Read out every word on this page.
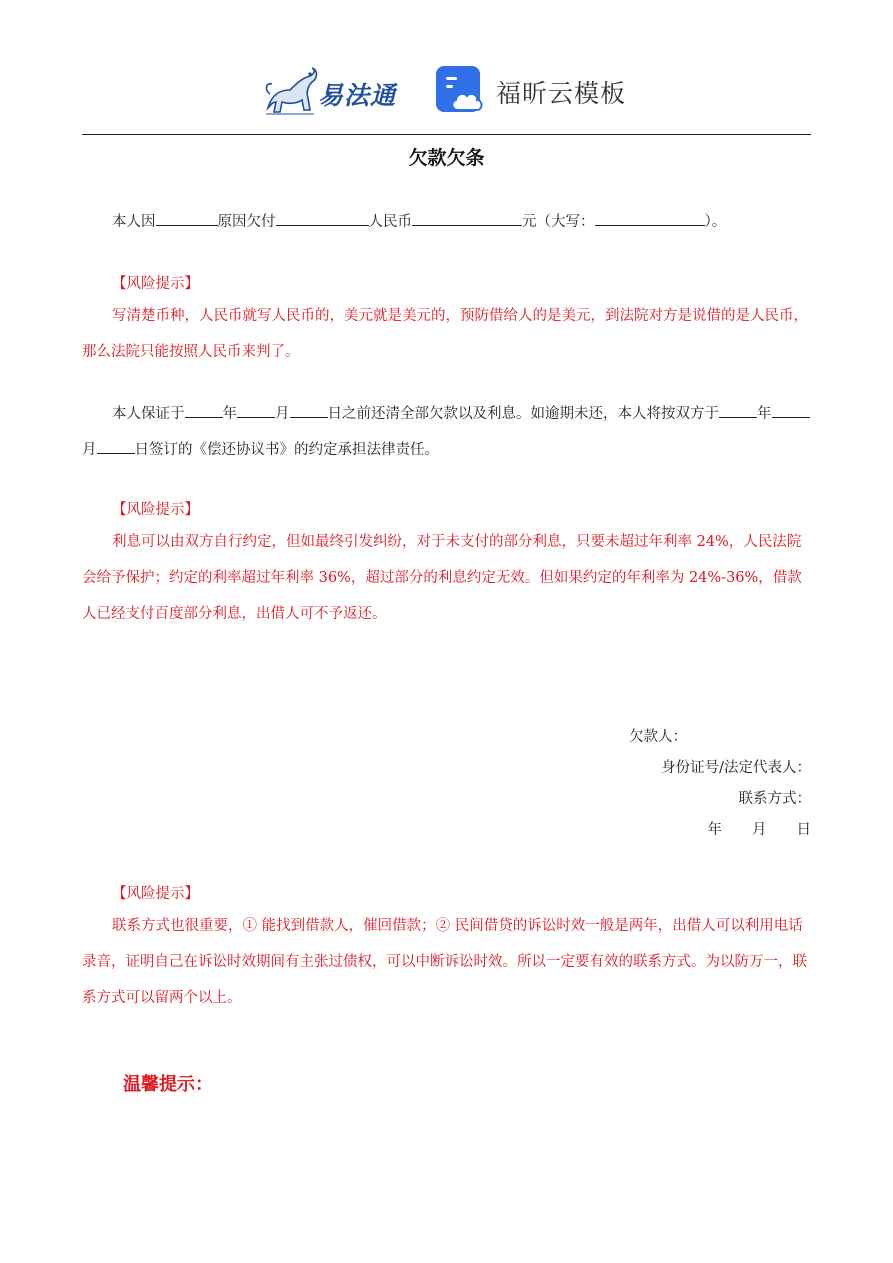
易法通	福昕云模板
欠款欠条
本人因	原因欠付	人民币	元（大写：	）。
【风险提示】
写清楚币种，人民币就写人民币的，美元就是美元的，预防借给人的是美元，到法院对方是说借的是人民币，那么法院只能按照人民币来判了。
本人保证于	年	月	日之前还清全部欠款以及利息。如逾期未还，本人将按双方于	年月	日签订的《偿还协议书》的约定承担法律责任。
【风险提示】
利息可以由双方自行约定，但如最终引发纠纷，对于未支付的部分利息，只要未超过年利率 24%，人民法院会给予保护；约定的利率超过年利率 36%，超过部分的利息约定无效。但如果约定的年利率为 24%-36%，借款人已经支付百度部分利息，出借人可不予返还。
欠款人：
身份证号/法定代表人：
联系方式：
年 月 日
【风险提示】
联系方式也很重要，① 能找到借款人，催回借款；② 民间借贷的诉讼时效一般是两年，出借人可以利用电话录音，证明自己在诉讼时效期间有主张过债权，可以中断诉讼时效。所以一定要有效的联系方式。为以防万一，联系方式可以留两个以上。
温馨提示：
